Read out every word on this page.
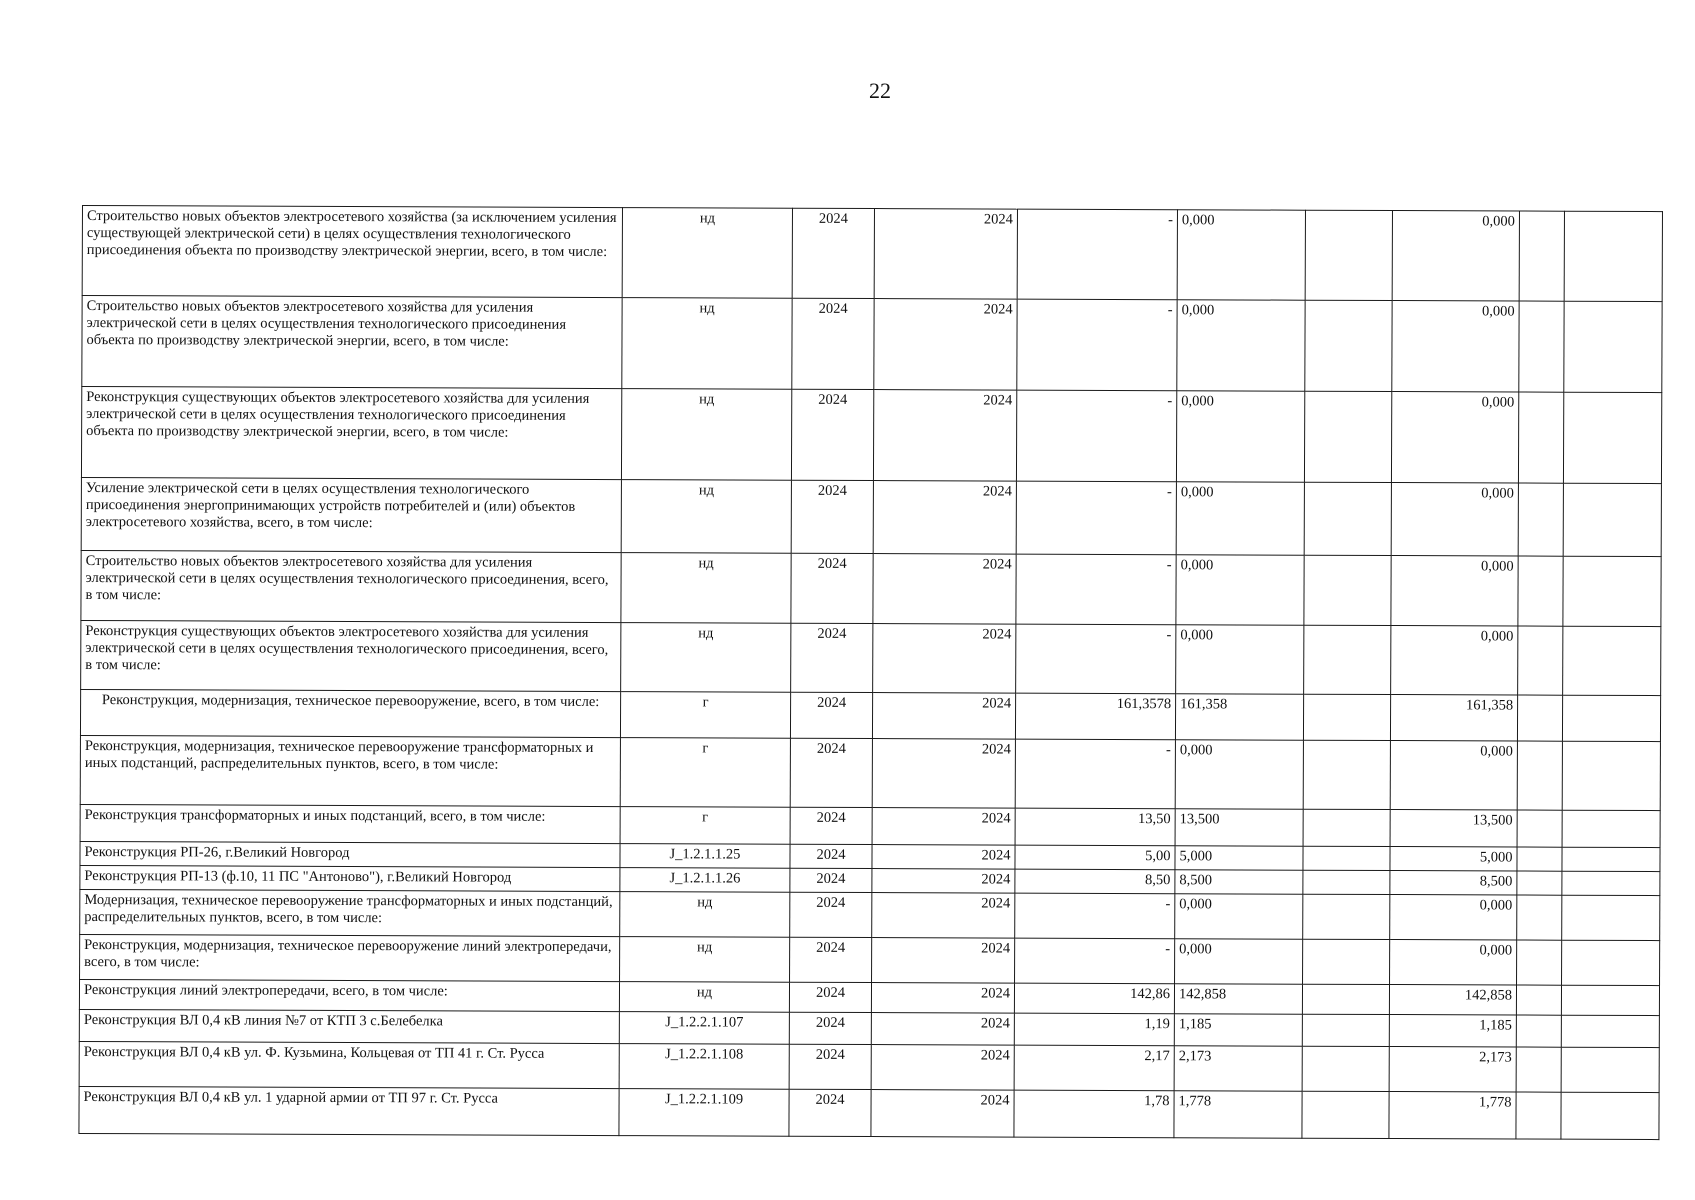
22
Строительство новых объектов электросетевого хозяйства (за исключением усиления существующей электрической сети) в целях осуществления технологического присоединения объекта по производству электрической энергии, всего, в том числе:	нд	2024	2024	-	0,000		0,000		
Строительство новых объектов электросетевого хозяйства для усиления электрической сети в целях осуществления технологического присоединения объекта по производству электрической энергии, всего, в том числе:	нд	2024	2024	-	0,000		0,000		
Реконструкция существующих объектов электросетевого хозяйства для усиления электрической сети в целях осуществления технологического присоединения объекта по производству электрической энергии, всего, в том числе:	нд	2024	2024	-	0,000		0,000		
Усиление электрической сети в целях осуществления технологического присоединения энергопринимающих устройств потребителей и (или) объектов электросетевого хозяйства, всего, в том числе:	нд	2024	2024	-	0,000		0,000		
Строительство новых объектов электросетевого хозяйства для усиления электрической сети в целях осуществления технологического присоединения, всего, в том числе:	нд	2024	2024	-	0,000		0,000		
Реконструкция существующих объектов электросетевого хозяйства для усиления электрической сети в целях осуществления технологического присоединения, всего, в том числе:	нд	2024	2024	-	0,000		0,000		
Реконструкция, модернизация, техническое перевооружение, всего, в том числе:	г	2024	2024	161,3578	161,358		161,358		
Реконструкция, модернизация, техническое перевооружение трансформаторных и иных подстанций, распределительных пунктов, всего, в том числе:	г	2024	2024	-	0,000		0,000		
Реконструкция трансформаторных и иных подстанций, всего, в том числе:	г	2024	2024	13,50	13,500		13,500		
Реконструкция РП-26, г.Великий Новгород	J_1.2.1.1.25	2024	2024	5,00	5,000		5,000		
Реконструкция РП-13 (ф.10, 11 ПС "Антоново"), г.Великий Новгород	J_1.2.1.1.26	2024	2024	8,50	8,500		8,500		
Модернизация, техническое перевооружение трансформаторных и иных подстанций, распределительных пунктов, всего, в том числе:	нд	2024	2024	-	0,000		0,000		
Реконструкция, модернизация, техническое перевооружение линий электропередачи, всего, в том числе:	нд	2024	2024	-	0,000		0,000		
Реконструкция линий электропередачи, всего, в том числе:	нд	2024	2024	142,86	142,858		142,858		
Реконструкция ВЛ 0,4 кВ линия №7 от КТП 3 с.Белебелка	J_1.2.2.1.107	2024	2024	1,19	1,185		1,185		
Реконструкция ВЛ 0,4 кВ ул. Ф. Кузьмина, Кольцевая от ТП 41 г. Ст. Русса	J_1.2.2.1.108	2024	2024	2,17	2,173		2,173		
Реконструкция ВЛ 0,4 кВ ул. 1 ударной армии от ТП 97 г. Ст. Русса	J_1.2.2.1.109	2024	2024	1,78	1,778		1,778		
